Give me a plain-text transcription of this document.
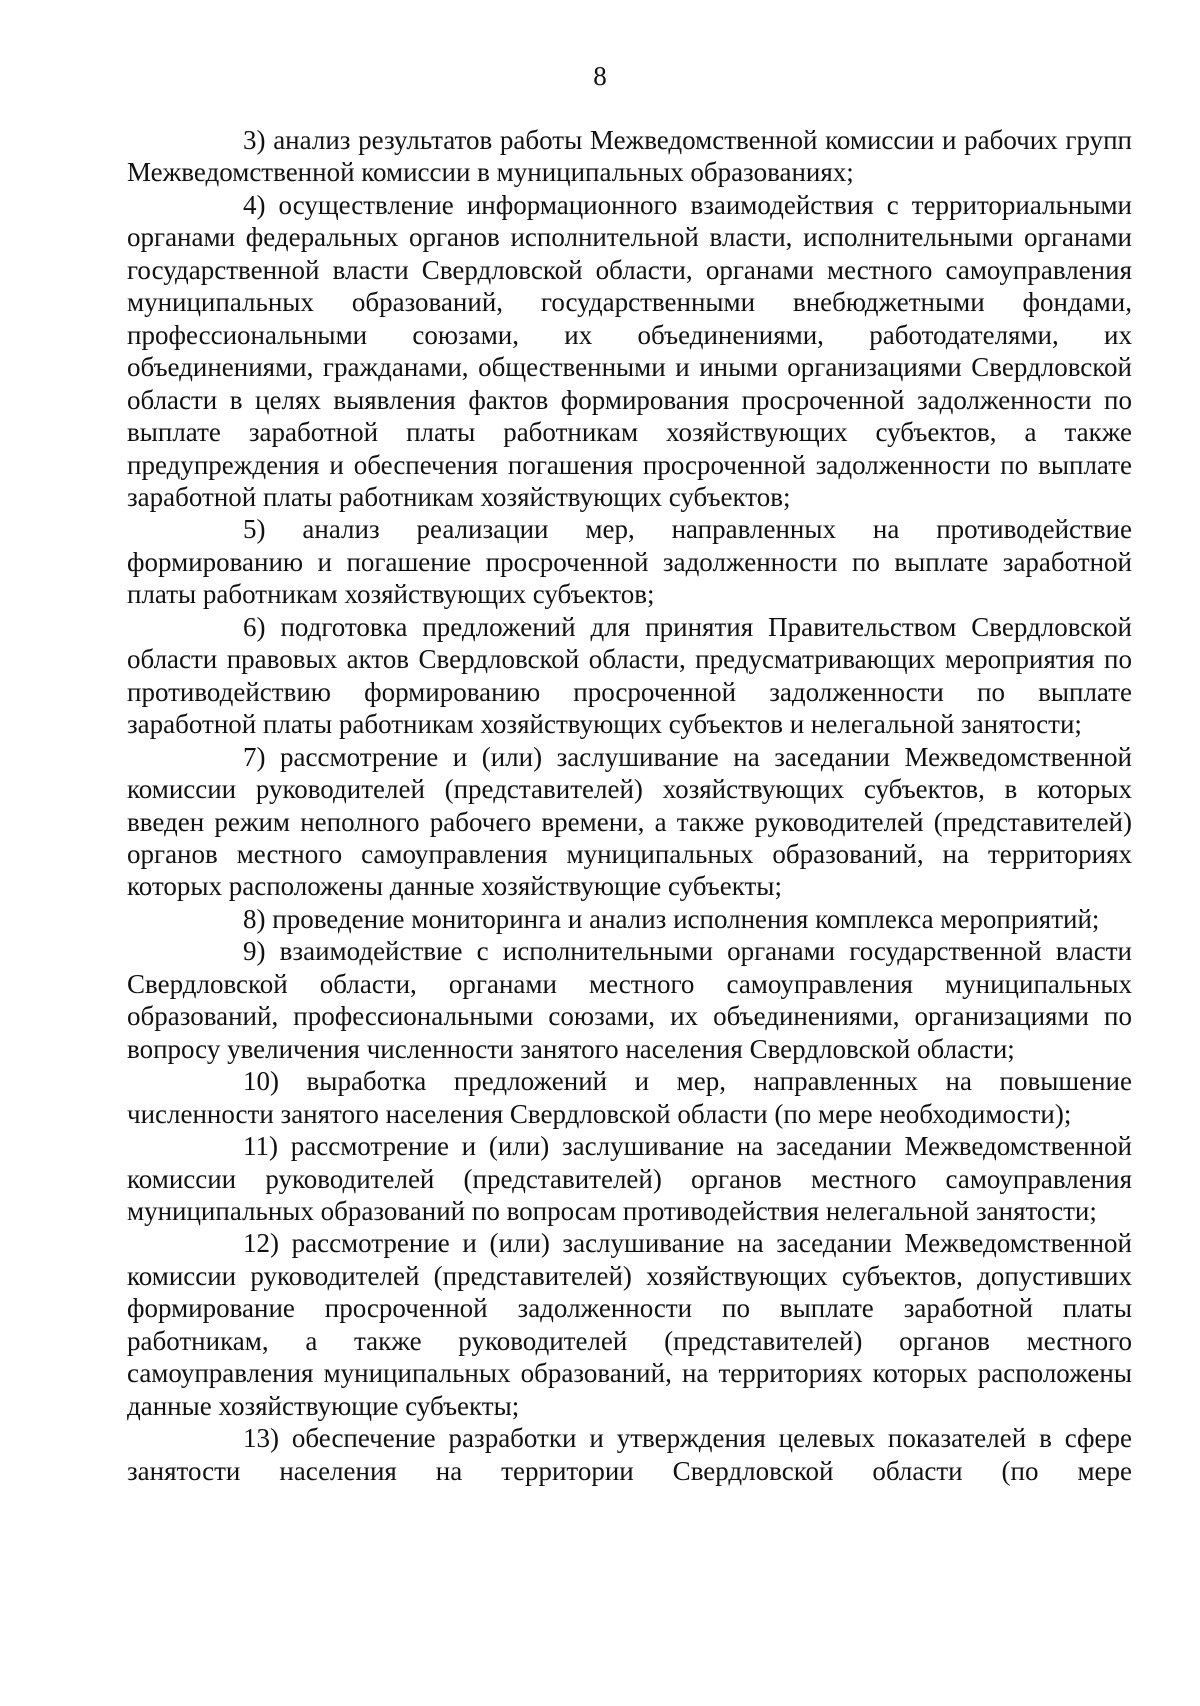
8

3) анализ результатов работы Межведомственной комиссии и рабочих групп Межведомственной комиссии в муниципальных образованиях;

4) осуществление информационного взаимодействия с территориальными органами федеральных органов исполнительной власти, исполнительными органами государственной власти Свердловской области, органами местного самоуправления муниципальных образований, государственными внебюджетными фондами, профессиональными союзами, их объединениями, работодателями, их объединениями, гражданами, общественными и иными организациями Свердловской области в целях выявления фактов формирования просроченной задолженности по выплате заработной платы работникам хозяйствующих субъектов, а также предупреждения и обеспечения погашения просроченной задолженности по выплате заработной платы работникам хозяйствующих субъектов;

5) анализ реализации мер, направленных на противодействие формированию и погашение просроченной задолженности по выплате заработной платы работникам хозяйствующих субъектов;

6) подготовка предложений для принятия Правительством Свердловской области правовых актов Свердловской области, предусматривающих мероприятия по противодействию формированию просроченной задолженности по выплате заработной платы работникам хозяйствующих субъектов и нелегальной занятости;

7) рассмотрение и (или) заслушивание на заседании Межведомственной комиссии руководителей (представителей) хозяйствующих субъектов, в которых введен режим неполного рабочего времени, а также руководителей (представителей) органов местного самоуправления муниципальных образований, на территориях которых расположены данные хозяйствующие субъекты;

8) проведение мониторинга и анализ исполнения комплекса мероприятий;

9) взаимодействие с исполнительными органами государственной власти Свердловской области, органами местного самоуправления муниципальных образований, профессиональными союзами, их объединениями, организациями по вопросу увеличения численности занятого населения Свердловской области;

10) выработка предложений и мер, направленных на повышение численности занятого населения Свердловской области (по мере необходимости);

11) рассмотрение и (или) заслушивание на заседании Межведомственной комиссии руководителей (представителей) органов местного самоуправления муниципальных образований по вопросам противодействия нелегальной занятости;

12) рассмотрение и (или) заслушивание на заседании Межведомственной комиссии руководителей (представителей) хозяйствующих субъектов, допустивших формирование просроченной задолженности по выплате заработной платы работникам, а также руководителей (представителей) органов местного самоуправления муниципальных образований, на территориях которых расположены данные хозяйствующие субъекты;

13) обеспечение разработки и утверждения целевых показателей в сфере занятости населения на территории Свердловской области (по мере
